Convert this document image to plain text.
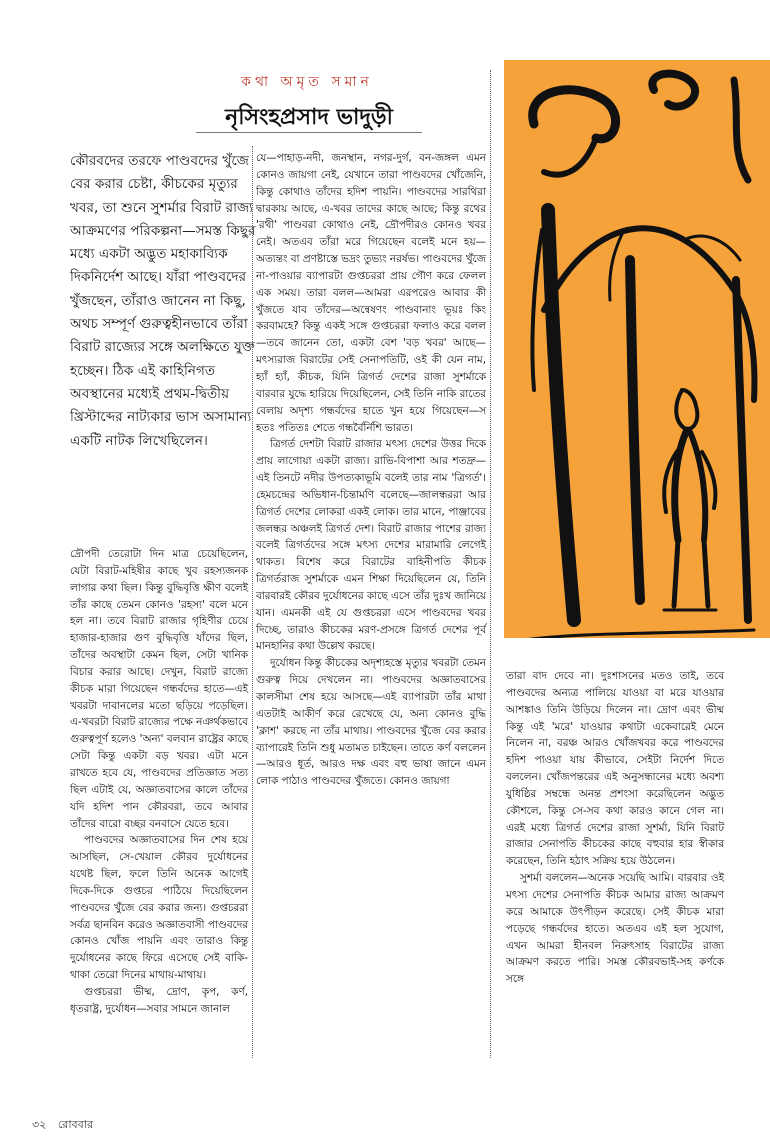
কথা অমৃত সমান
নৃসিংহপ্রসাদ ভাদুড়ী

কৌরবদের তরফে পাণ্ডবদের খুঁজে বের করার চেষ্টা, কীচকের মৃত্যুর খবর, তা শুনে সুশর্মার বিরাট রাজ্য আক্রমণের পরিকল্পনা—সমস্ত কিছুর মধ্যে একটা অদ্ভুত মহাকাব্যিক দিকনির্দেশ আছে। যাঁরা পাণ্ডবদের খুঁজছেন, তাঁরাও জানেন না কিছু, অথচ সম্পূর্ণ গুরুত্বহীনভাবে তাঁরা বিরাট রাজ্যের সঙ্গে অলক্ষিতে যুক্ত হচ্ছেন। ঠিক এই কাহিনিগত অবস্থানের মধ্যেই প্রথম-দ্বিতীয় খ্রিস্টাব্দের নাট্যকার ভাস অসামান্য একটি নাটক লিখেছিলেন।

দ্রৌপদী তেরোটা দিন মাত্র চেয়েছিলেন, যেটা বিরাট-মহিষীর কাছে খুব রহস্যজনক লাগার কথা ছিল। কিন্তু বুদ্ধিবৃত্তি ক্ষীণ বলেই তাঁর কাছে তেমন কোনও 'রহস্য' বলে মনে হল না। তবে বিরাট রাজার গৃহিণীর চেয়ে হাজার-হাজার গুণ বুদ্ধিবৃত্তি যাঁদের ছিল, তাঁদের অবস্থাটা কেমন ছিল, সেটা খানিক বিচার করার আছে। দেখুন, বিরাট রাজ্যে কীচক মারা গিয়েছেন গন্ধর্বদের হাতে—এই খবরটা দাবানলের মতো ছড়িয়ে পড়েছিল। এ-খবরটা বিরাট রাজ্যের পক্ষে নঞর্থকভাবে গুরুত্বপূর্ণ হলেও 'অন্য' বলবান রাষ্ট্রের কাছে সেটা কিন্তু একটা বড় খবর। এটা মনে রাখতে হবে যে, পাণ্ডবদের প্রতিজ্ঞাত সত্য ছিল এটাই যে, অজ্ঞাতবাসের কালে তাঁদের যদি হদিশ পান কৌরবরা, তবে আবার তাঁদের বারো বচ্ছর বনবাসে যেতে হবে।

পাণ্ডবদের অজ্ঞাতবাসের দিন শেষ হয়ে আসছিল, সে-খেয়াল কৌরব দুর্যোধনের যথেষ্ট ছিল, ফলে তিনি অনেক আগেই দিকে-দিকে গুপ্তচর পাঠিয়ে দিয়েছিলেন পাণ্ডবদের খুঁজে বের করার জন্য। গুপ্তচররা সর্বত্র ছানবিন করেও অজ্ঞাতবাসী পাণ্ডবদের কোনও খোঁজ পায়নি এবং তারাও কিন্তু দুর্যোধনের কাছে ফিরে এসেছে সেই বাকি-থাকা তেরো দিনের মাথায়-মাথায়।

গুপ্তচররা ভীষ্ম, দ্রোণ, কৃপ, কর্ণ, ধৃতরাষ্ট্র, দুর্যোধন—সবার সামনে জানাল

যে—পাহাড়-নদী, জনস্থান, নগর-দুর্গ, বন-জঙ্গল এমন কোনও জায়গা নেই, যেখানে তারা পাণ্ডবদের খোঁজেনি, কিন্তু কোথাও তাঁদের হদিশ পায়নি। পাণ্ডবদের সারথিরা দ্বারকায় আছে, এ-খবর তাদের কাছে আছে; কিন্তু রথের 'রথী' পাণ্ডবরা কোথাও নেই, দ্রৌপদীরও কোনও খবর নেই। অতএব তাঁরা মরে গিয়েছেন বলেই মনে হয়—অত্যন্তং বা প্রণষ্টাস্তে ভদ্রং তুভ্যং নরর্ষভ। পাণ্ডবদের খুঁজে না-পাওয়ার ব্যাপারটা গুপ্তচররা প্রায় গৌণ করে ফেলল এক সময়। তারা বলল—আমরা এরপরেও আবার কী খুঁজতে যাব তাঁদের—অন্বেষণং পাণ্ডবানাং ভূয়ঃ কিং করবামহে? কিন্তু একই সঙ্গে গুপ্তচররা ফলাও করে বলল—তবে জানেন তো, একটা বেশ 'বড় খবর' আছে—মৎস্যরাজ বিরাটের সেই সেনাপতিটি, ওই কী যেন নাম, হ্যাঁ হ্যাঁ, কীচক, যিনি ত্রিগর্ত দেশের রাজা সুশর্মাকে বারবার যুদ্ধে হারিয়ে দিয়েছিলেন, সেই তিনি নাকি রাতের বেলায় অদৃশ্য গন্ধর্বদের হাতে খুন হয়ে গিয়েছেন—স হতঃ পতিতঃ শেতে গন্ধর্বৈর্নিশি ভারত।

ত্রিগর্ত দেশটা বিরাট রাজার মৎস্য দেশের উত্তর দিকে প্রায় লাগোয়া একটা রাজ্য। রাভি-বিপাশা আর শতদ্রু—এই তিনটে নদীর উপত্যকাভূমি বলেই তার নাম 'ত্রিগর্ত'। হেমচন্দ্রের অভিধান-চিন্তামণি বলেছে—জালন্ধররা আর ত্রিগর্ত দেশের লোকরা একই লোক। তার মানে, পাঞ্জাবের জলন্ধর অঞ্চলই ত্রিগর্ত দেশ। বিরাট রাজার পাশের রাজ্য বলেই ত্রিগর্তদের সঙ্গে মৎস্য দেশের মারামারি লেগেই থাকত। বিশেষ করে বিরাটের বাহিনীপতি কীচক ত্রিগর্তরাজ সুশর্মাকে এমন শিক্ষা দিয়েছিলেন যে, তিনি বারবারই কৌরব দুর্যোধনের কাছে এসে তাঁর দুঃখ জানিয়ে যান। এমনকী এই যে গুপ্তচররা এসে পাণ্ডবদের খবর দিচ্ছে, তারাও কীচকের মরণ-প্রসঙ্গে ত্রিগর্ত দেশের পূর্ব মানহানির কথা উল্লেখ করছে।

দুর্যোধন কিন্তু কীচকের অদৃশ্যহস্তে মৃত্যুর খবরটা তেমন গুরুত্ব দিয়ে দেখলেন না। পাণ্ডবদের অজ্ঞাতবাসের কালসীমা শেষ হয়ে আসছে—এই ব্যাপারটা তাঁর মাথা এতটাই আকীর্ণ করে রেখেছে যে, অন্য কোনও বুদ্ধি 'ক্লাশ' করছে না তাঁর মাথায়। পাণ্ডবদের খুঁজে বের করার ব্যাপারেই তিনি শুধু মতামত চাইছেন। তাতে কর্ণ বললেন—আরও ধূর্ত, আরও দক্ষ এবং বহু ভাষা জানে এমন লোক পাঠাও পাণ্ডবদের খুঁজতে। কোনও জায়গা

তারা বাদ দেবে না। দুঃশাসনের মতও তাই, তবে পাণ্ডবদের অন্যত্র পালিয়ে যাওয়া বা মরে যাওয়ার আশঙ্কাও তিনি উড়িয়ে দিলেন না। দ্রোণ এবং ভীষ্ম কিন্তু এই 'মরে' যাওয়ার কথাটা একেবারেই মেনে নিলেন না, বরঞ্চ আরও খোঁজখবর করে পাণ্ডবদের হদিশ পাওয়া যায় কীভাবে, সেইটা নির্দেশ দিতে বললেন। খোঁজপন্তরের এই অনুসন্ধানের মধ্যে অবশ্য যুধিষ্ঠির সম্বন্ধে অনন্ত প্রশংসা করেছিলেন অদ্ভুত কৌশলে, কিন্তু সে-সব কথা কারও কানে গেল না। এরই মধ্যে ত্রিগর্ত দেশের রাজা সুশর্মা, যিনি বিরাট রাজার সেনাপতি কীচকের কাছে বহুবার হার স্বীকার করেছেন, তিনি হঠাৎ সক্রিয় হয়ে উঠলেন।

সুশর্মা বললেন—অনেক সয়েছি আমি। বারবার ওই মৎস্য দেশের সেনাপতি কীচক আমার রাজ্য আক্রমণ করে আমাকে উৎপীড়ন করেছে। সেই কীচক মারা পড়েছে গন্ধর্বদের হাতে। অতএব এই হল সুযোগ, এখন আমরা হীনবল নিরুৎসাহ বিরাটের রাজ্য আক্রমণ করতে পারি। সমস্ত কৌরবভাই-সহ কর্ণকে সঙ্গে

৩২ রোববার
